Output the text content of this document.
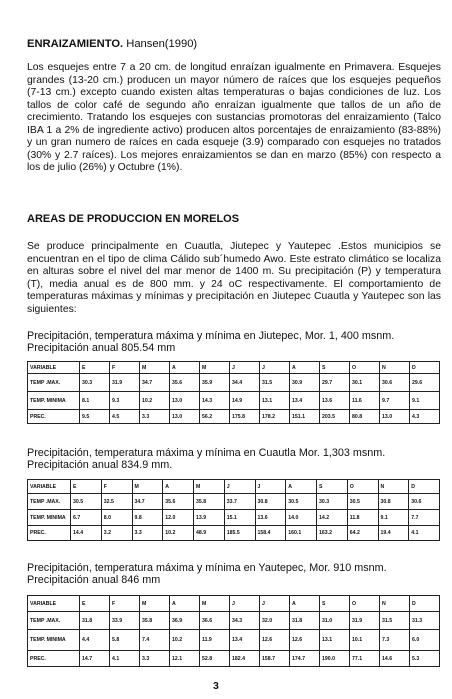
ENRAIZAMIENTO. Hansen(1990)

Los esquejes entre 7 a 20 cm. de longitud enraízan igualmente en Primavera. Esquejes grandes (13-20 cm.) producen un mayor número de raíces que los esquejes pequeños (7-13 cm.) excepto cuando existen altas temperaturas o bajas condiciones de luz. Los tallos de color café de segundo año enraízan igualmente que tallos de un año de crecimiento. Tratando los esquejes con sustancias promotoras del enraizamiento (Talco IBA 1 a 2% de ingrediente activo) producen altos porcentajes de enraizamiento (83-88%) y un gran numero de raíces en cada esqueje (3.9) comparado con esquejes no tratados (30% y 2.7 raíces). Los mejores enraizamientos se dan en marzo (85%) con respecto a los de julio (26%) y Octubre (1%).

AREAS DE PRODUCCION EN MORELOS

Se produce principalmente en Cuautla, Jiutepec y Yautepec .Estos municipios se encuentran en el tipo de clima Cálido sub´humedo Awo. Este estrato climático se localiza en alturas sobre el nivel del mar menor de 1400 m. Su precipitación (P) y temperatura (T), media anual es de 800 mm. y 24 oC respectivamente. El comportamiento de temperaturas máximas y mínimas y precipitación en Jiutepec Cuautla y Yautepec son las siguientes:

Precipitación, temperatura máxima y mínima en Jiutepec, Mor. 1, 400 msnm.
Precipitación anual 805.54 mm
VARIABLE	E	F	M	A	M	J	J	A	S	O	N	D
TEMP .MAX.	30.3	31.9	34.7	35.6	35.9	34.4	31.5	30.9	29.7	30.1	30.6	29.6
TEMP. MINIMA	8.1	9.3	10.2	13.0	14.3	14.9	13.1	13.4	13.6	11.6	9.7	9.1
PREC.	9.5	4.5	3.3	13.0	56.2	175.8	178.2	151.1	203.5	80.8	13.0	4.3
Precipitación, temperatura máxima y mínima en Cuautla Mor. 1,303 msnm.
Precipitación anual 834.9 mm.
VARIABLE	E	F	M	A	M	J	J	A	S	O	N	D
TEMP .MAX.	30.5	32.5	34.7	35.6	35.8	33.7	30.8	30.5	30.3	30.5	30.8	30.6
TEMP. MINIMA	6.7	8.0	9.8	12.0	13.9	15.1	13.6	14.0	14.2	11.8	9.1	7.7
PREC.	14.4	3.2	3.3	10.2	48.9	185.5	158.4	160.1	163.2	64.2	19.4	4.1
Precipitación, temperatura máxima y mínima en Yautepec, Mor. 910 msnm.
Precipitación anual 846 mm
VARIABLE	E	F	M	A	M	J	J	A	S	O	N	D
TEMP .MAX.	31.8	33.9	35.8	36.9	36.6	34.3	32.0	31.8	31.0	31.9	31.5	31.3
TEMP. MINIMA	4.4	5.8	7.4	10.2	11.9	13.4	12.6	12.6	13.1	10.1	7.3	6.0
PREC.	14.7	4.1	3.3	12.1	52.8	182.4	158.7	174.7	190.0	77.1	14.6	5.3
3
